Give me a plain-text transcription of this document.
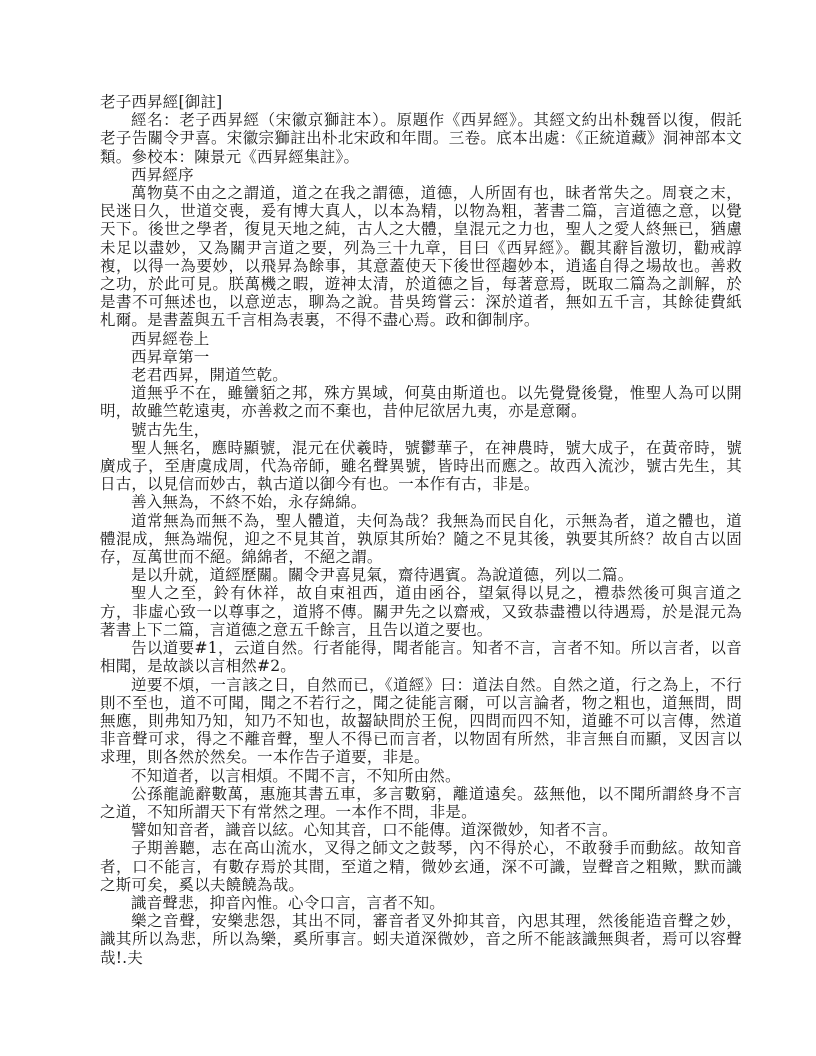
老子西昇經[御註]

經名：老子西昇經（宋徽京獅註本）。原題作《西昇經》。其經文約出朴魏晉以復，假託老子告關令尹喜。宋徽宗獅註出朴北宋政和年間。三卷。底本出處：《正統道藏》洞神部本文類。參校本：陳景元《西昇經集註》。

西昇經序

萬物莫不由之之謂道，道之在我之謂德，道德，人所固有也，昧者常失之。周衰之末，民迷日久，世道交喪，爰有博大真人，以本為精，以物為粗，著書二篇，言道德之意，以覺天下。後世之學者，復見天地之純，古人之大體，皇混元之力也，聖人之愛人終無已，猶慮未足以盡妙，又為關尹言道之要，列為三十九章，目曰《西昇經》。觀其辭旨激切，勸戒諄複，以得一為要妙，以飛昇為餘事，其意蓋使天下後世徑趨妙本，逍遙自得之場故也。善救之功，於此可見。朕萬機之暇，遊神太清，於道德之旨，每著意焉，既取二篇為之訓解，於是書不可無述也，以意逆志，聊為之說。昔吳筠嘗云：深於道者，無如五千言，其餘徒費紙札爾。是書蓋與五千言相為表裏，不得不盡心焉。政和御制序。

西昇經卷上

西昇章第一

老君西昇，開道竺乾。

道無乎不在，雖蠻貊之邦，殊方異域，何莫由斯道也。以先覺覺後覺，惟聖人為可以開明，故雖竺乾遠夷，亦善救之而不棄也，昔仲尼欲居九夷，亦是意爾。

號古先生，

聖人無名，應時顯號，混元在伏羲時，號鬱華子，在神農時，號大成子，在黃帝時，號廣成子，至唐虞成周，代為帝師，雖名聲異號，皆時出而應之。故西入流沙，號古先生，其日古，以見信而妙古，執古道以御今有也。一本作有古，非是。

善入無為，不終不始，永存綿綿。

道常無為而無不為，聖人體道，夫何為哉？我無為而民自化，示無為者，道之體也，道體混成，無為端倪，迎之不見其首，孰原其所始？隨之不見其後，孰要其所終？故自古以固存，亙萬世而不絕。綿綿者，不絕之謂。

是以升就，道經歷關。關令尹喜見氣，齋待遇賓。為說道德，列以二篇。

聖人之至，鈴有休祥，故自束祖西，道由函谷，望氣得以見之，禮恭然後可與言道之方，非虛心致一以尊事之，道將不傳。關尹先之以齋戒，又致恭盡禮以待遇焉，於是混元為著書上下二篇，言道德之意五千餘言，且告以道之要也。

告以道要#1，云道自然。行者能得，聞者能言。知者不言，言者不知。所以言者，以音相聞，是故談以言相然#2。

逆要不煩，一言該之日，自然而已，《道經》曰：道法自然。自然之道，行之為上，不行則不至也，道不可聞，聞之不若行之，聞之徒能言爾，可以言論者，物之粗也，道無問，問無應，則弗知乃知，知乃不知也，故齧缺問於王倪，四問而四不知，道雖不可以言傳，然道非音聲可求，得之不離音聲，聖人不得已而言者，以物固有所然，非言無自而顯，叉因言以求理，則各然於然矣。一本作告子道要，非是。

不知道者，以言相煩。不聞不言，不知所由然。

公孫龍詭辭數萬，惠施其書五車，多言數窮，離道遠矣。茲無他，以不聞所謂終身不言之道，不知所謂天下有常然之理。一本作不問，非是。

譬如知音者，識音以絃。心知其音，口不能傳。道深微妙，知者不言。

子期善聽，志在高山流水，叉得之師文之鼓琴，內不得於心，不敢發手而動絃。故知音者，口不能言，有數存焉於其間，至道之精，微妙玄通，深不可識，豈聲音之粗歟，默而識之斯可矣，奚以夫饒饒為哉。

識音聲悲，抑音內惟。心令口言，言者不知。

樂之音聲，安樂悲怨，其出不同，審音者叉外抑其音，內思其理，然後能造音聲之妙，識其所以為悲，所以為樂，奚所事言。蚓夫道深微妙，音之所不能該識無與者，焉可以容聲哉!.夫
